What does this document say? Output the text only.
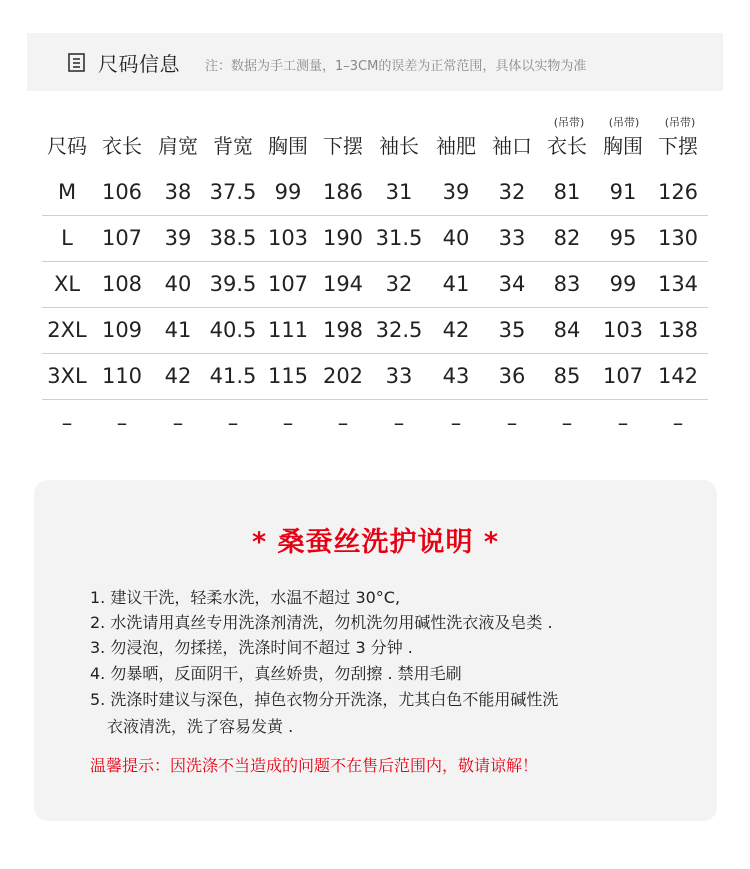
尺码信息 注：数据为手工测量，1–3CM的误差为正常范围，具体以实物为准
(吊带)	(吊带)	(吊带)
尺码 衣长 肩宽 背宽 胸围 下摆 袖长 袖肥 袖口 衣长 胸围 下摆
M	106	38 37.5 99	186	31	39	32	81	91	126
L	107	39 38.5 103 190 31.5 40	33	82	95	130
XL	108	40 39.5 107 194	32	41	34	83	99	134
2XL 109	41 40.5 111 198 32.5 42	35	84	103 138
3XL 110	42 41.5 115 202	33	43	36	85	107 142
–	–	–	–	–	–	–	–	–	–	–	–
* 桑蚕丝洗护说明 *
1. 建议干洗，轻柔水洗，水温不超过 30°C,
2. 水洗请用真丝专用洗涤剂清洗，勿机洗勿用碱性洗衣液及皂类 .
3. 勿浸泡，勿揉搓，洗涤时间不超过 3 分钟 .
4. 勿暴晒，反面阴干，真丝娇贵，勿刮擦 . 禁用毛刷
5. 洗涤时建议与深色，掉色衣物分开洗涤，尤其白色不能用碱性洗
衣液清洗，洗了容易发黄 .
温馨提示：因洗涤不当造成的问题不在售后范围内，敬请谅解！
